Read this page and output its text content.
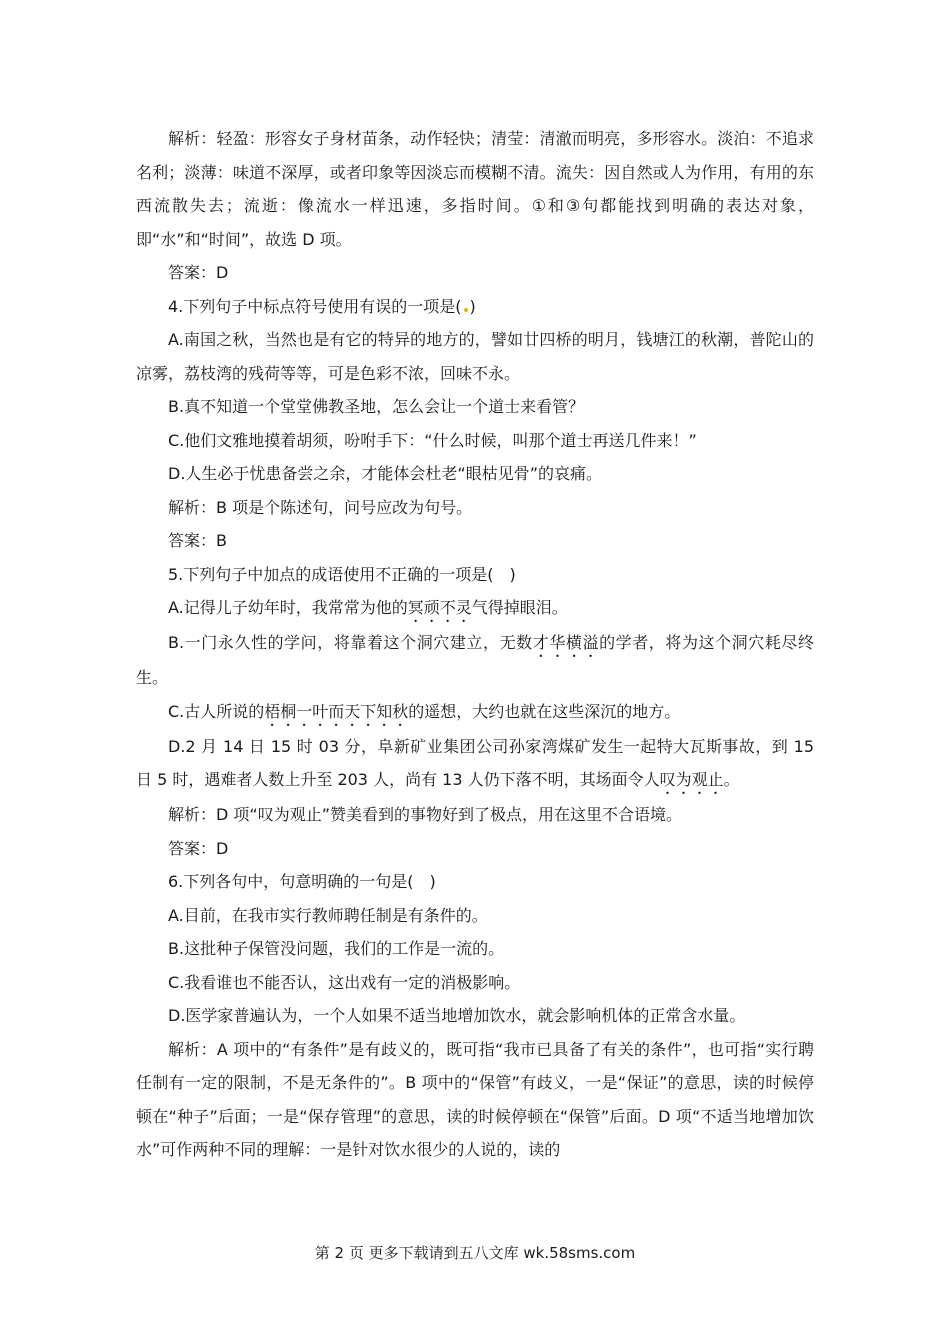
解析：轻盈：形容女子身材苗条，动作轻快；清莹：清澈而明亮，多形容水。淡泊：不追求名利；淡薄：味道不深厚，或者印象等因淡忘而模糊不清。流失：因自然或人为作用，有用的东西流散失去；流逝：像流水一样迅速，多指时间。①和③句都能找到明确的表达对象，即“水”和“时间”，故选 D 项。

答案：D

4.下列句子中标点符号使用有误的一项是( )

A.南国之秋，当然也是有它的特异的地方的，譬如廿四桥的明月，钱塘江的秋潮，普陀山的凉雾，荔枝湾的残荷等等，可是色彩不浓，回味不永。

B.真不知道一个堂堂佛教圣地，怎么会让一个道士来看管？

C.他们文雅地摸着胡须，吩咐手下：“什么时候，叫那个道士再送几件来！”

D.人生必于忧患备尝之余，才能体会杜老“眼枯见骨”的哀痛。

解析：B 项是个陈述句，问号应改为句号。

答案：B

5.下列句子中加点的成语使用不正确的一项是(　)

A.记得儿子幼年时，我常常为他的冥顽不灵气得掉眼泪。

B.一门永久性的学问，将靠着这个洞穴建立，无数才华横溢的学者，将为这个洞穴耗尽终生。

C.古人所说的梧桐一叶而天下知秋的遥想，大约也就在这些深沉的地方。

D.2 月 14 日 15 时 03 分，阜新矿业集团公司孙家湾煤矿发生一起特大瓦斯事故，到 15 日 5 时，遇难者人数上升至 203 人，尚有 13 人仍下落不明，其场面令人叹为观止。

解析：D 项“叹为观止”赞美看到的事物好到了极点，用在这里不合语境。

答案：D

6.下列各句中，句意明确的一句是(　)

A.目前，在我市实行教师聘任制是有条件的。

B.这批种子保管没问题，我们的工作是一流的。

C.我看谁也不能否认，这出戏有一定的消极影响。

D.医学家普遍认为，一个人如果不适当地增加饮水，就会影响机体的正常含水量。

解析：A 项中的“有条件”是有歧义的，既可指“我市已具备了有关的条件”，也可指“实行聘任制有一定的限制，不是无条件的”。B 项中的“保管”有歧义，一是“保证”的意思，读的时候停顿在“种子”后面；一是“保存管理”的意思，读的时候停顿在“保管”后面。D 项“不适当地增加饮水”可作两种不同的理解：一是针对饮水很少的人说的，读的

第 2 页 更多下载请到五八文库 wk.58sms.com
